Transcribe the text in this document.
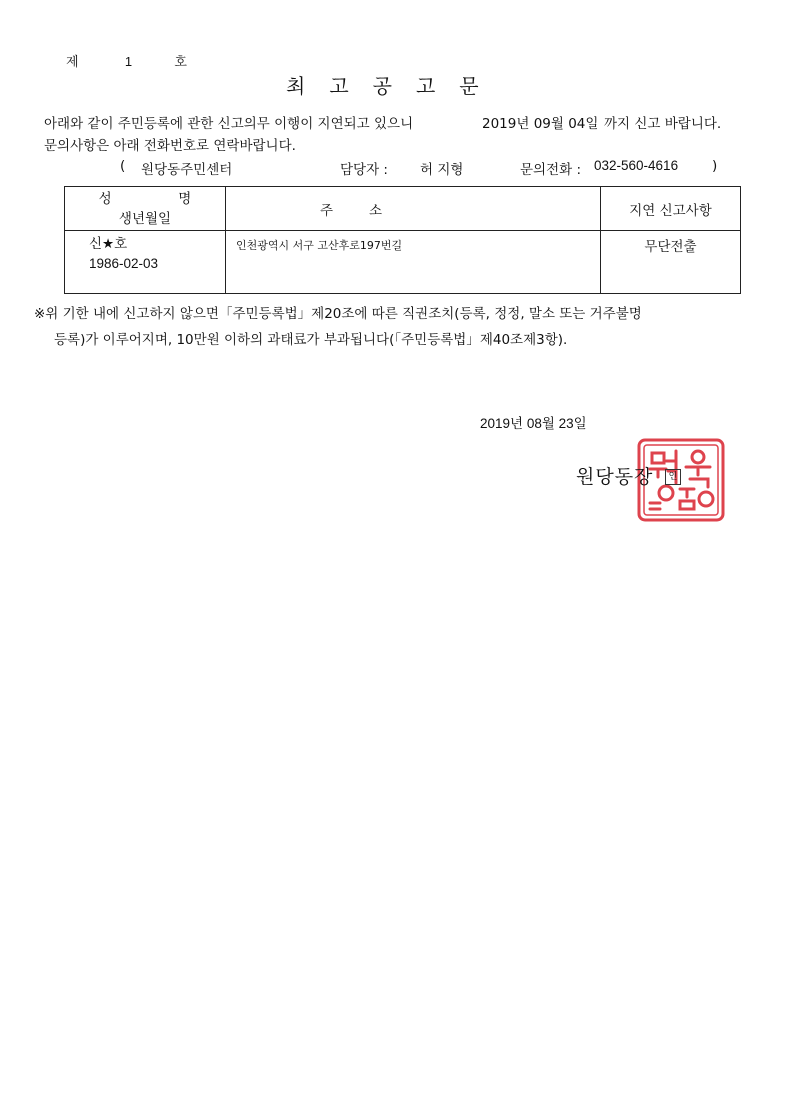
제	1	호
최고공고문
아래와 같이 주민등록에 관한 신고의무 이행이 지연되고 있으니	2019년 09월 04일 까지 신고 바랍니다.
문의사항은 아래 전화번호로 연락바랍니다.
( 원당동주민센터	담당자 : 허 지형	문의전화 : 032-560-4616	)
성 명
생년월일	주 소	지연 신고사항

신★호
1986-02-03	인천광역시 서구 고산후로197번길	무단전출
※위 기한 내에 신고하지 않으면「주민등록법」제20조에 따른 직권조치(등록, 정정, 말소 또는 거주불명
등록)가 이루어지며, 10만원 이하의 과태료가 부과됩니다(「주민등록법」제40조제3항).
2019년 08월 23일
원당동장	인
